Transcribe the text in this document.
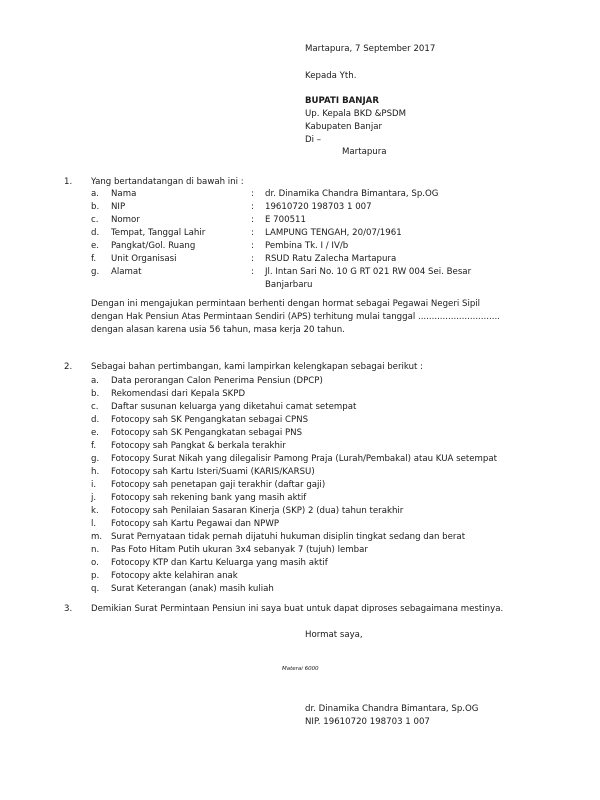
Martapura, 7 September 2017
Kepada Yth.
BUPATI BANJAR
Up. Kepala BKD &PSDM
Kabupaten Banjar
Di –
Martapura
1. Yang bertandatangan di bawah ini :
a. Nama	: dr. Dinamika Chandra Bimantara, Sp.OG
b. NIP	: 19610720 198703 1 007
c. Nomor	: E 700511
d. Tempat, Tanggal Lahir	: LAMPUNG TENGAH, 20/07/1961
e. Pangkat/Gol. Ruang	: Pembina Tk. I / IV/b
f. Unit Organisasi	: RSUD Ratu Zalecha Martapura
g. Alamat	: Jl. Intan Sari No. 10 G RT 021 RW 004 Sei. Besar
Banjarbaru
Dengan ini mengajukan permintaan berhenti dengan hormat sebagai Pegawai Negeri Sipil
dengan Hak Pensiun Atas Permintaan Sendiri (APS) terhitung mulai tanggal ..............................
dengan alasan karena usia 56 tahun, masa kerja 20 tahun.
2. Sebagai bahan pertimbangan, kami lampirkan kelengkapan sebagai berikut :
a. Data perorangan Calon Penerima Pensiun (DPCP)
b. Rekomendasi dari Kepala SKPD
c. Daftar susunan keluarga yang diketahui camat setempat
d. Fotocopy sah SK Pengangkatan sebagai CPNS
e. Fotocopy sah SK Pengangkatan sebagai PNS
f. Fotocopy sah Pangkat & berkala terakhir
g. Fotocopy Surat Nikah yang dilegalisir Pamong Praja (Lurah/Pembakal) atau KUA setempat
h. Fotocopy sah Kartu Isteri/Suami (KARIS/KARSU)
i. Fotocopy sah penetapan gaji terakhir (daftar gaji)
j. Fotocopy sah rekening bank yang masih aktif
k. Fotocopy sah Penilaian Sasaran Kinerja (SKP) 2 (dua) tahun terakhir
l. Fotocopy sah Kartu Pegawai dan NPWP
m. Surat Pernyataan tidak pernah dijatuhi hukuman disiplin tingkat sedang dan berat
n. Pas Foto Hitam Putih ukuran 3x4 sebanyak 7 (tujuh) lembar
o. Fotocopy KTP dan Kartu Keluarga yang masih aktif
p. Fotocopy akte kelahiran anak
q. Surat Keterangan (anak) masih kuliah
3. Demikian Surat Permintaan Pensiun ini saya buat untuk dapat diproses sebagaimana mestinya.
Hormat saya,
Materai 6000
dr. Dinamika Chandra Bimantara, Sp.OG
NIP. 19610720 198703 1 007
